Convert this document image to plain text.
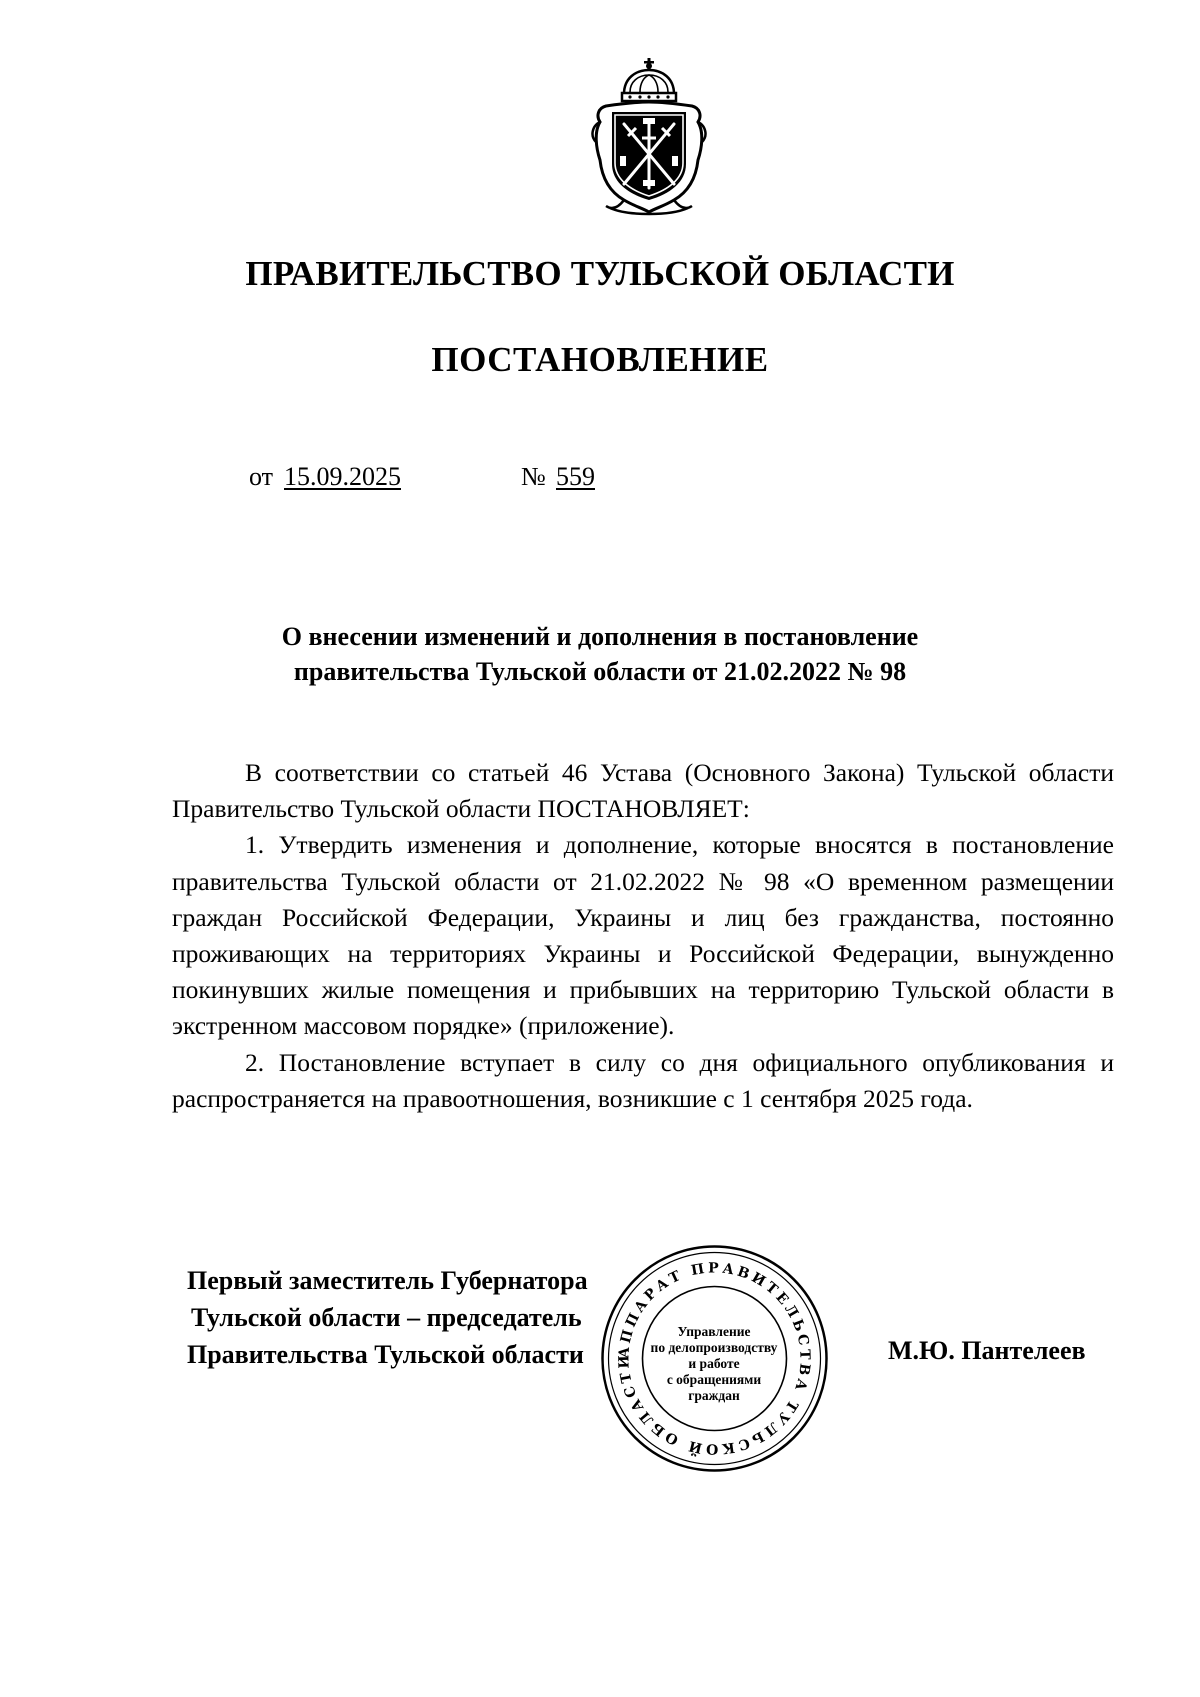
ПРАВИТЕЛЬСТВО ТУЛЬСКОЙ ОБЛАСТИ
ПОСТАНОВЛЕНИЕ
от 15.09.2025	№ 559
О внесении изменений и дополнения в постановление
правительства Тульской области от 21.02.2022 № 98

В соответствии со статьей 46 Устава (Основного Закона) Тульской области Правительство Тульской области ПОСТАНОВЛЯЕТ:

1. Утвердить изменения и дополнение, которые вносятся в постановление правительства Тульской области от 21.02.2022 № 98 «О временном размещении граждан Российской Федерации, Украины и лиц без гражданства, постоянно проживающих на территориях Украины и Российской Федерации, вынужденно покинувших жилые помещения и прибывших на территорию Тульской области в экстренном массовом порядке» (приложение).

2. Постановление вступает в силу со дня официального опубликования и распространяется на правоотношения, возникшие с 1 сентября 2025 года.

Первый заместитель Губернатора
Тульской области – председатель
Правительства Тульской области	М.Ю. Пантелеев
АППАРАТ ПРАВИТЕЛЬСТВА ТУЛЬСКОЙ ОБЛАСТИ
Управление
по делопроизводству
и работе
с обращениями
граждан
